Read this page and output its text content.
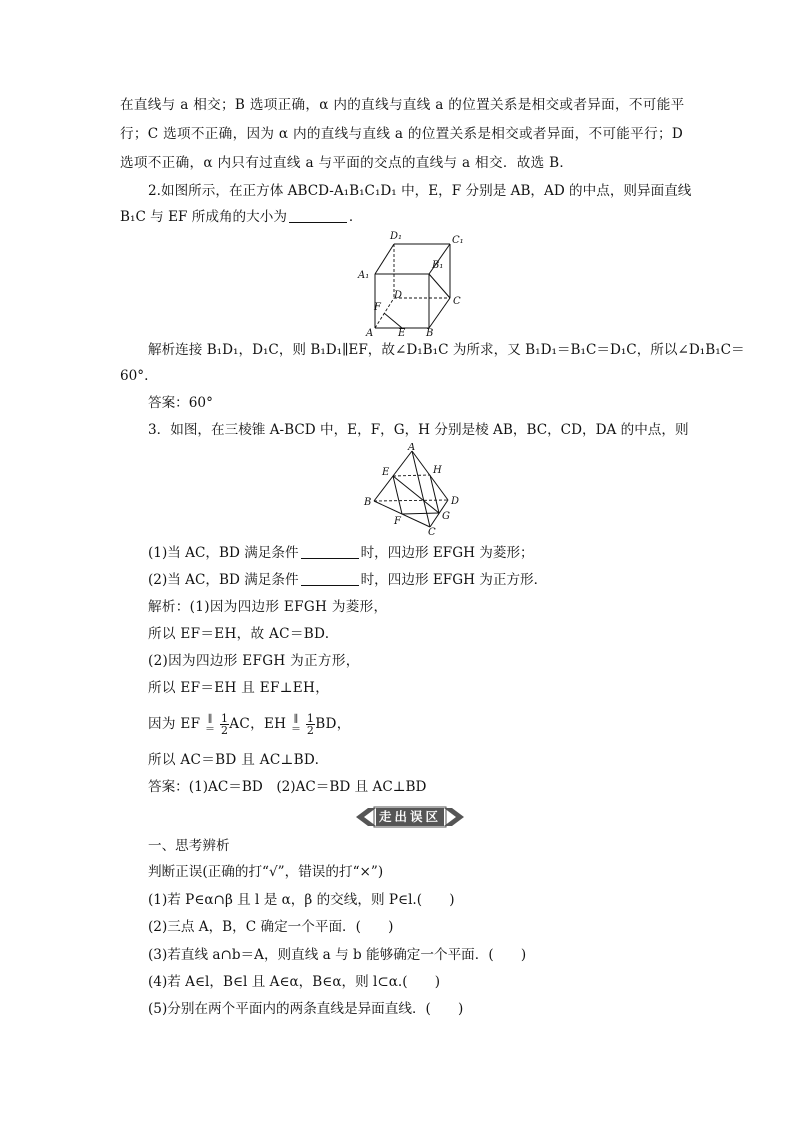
在直线与 a 相交；B 选项正确，α 内的直线与直线 a 的位置关系是相交或者异面，不可能平
行；C 选项不正确，因为 α 内的直线与直线 a 的位置关系是相交或者异面，不可能平行；D
选项不正确，α 内只有过直线 a 与平面的交点的直线与 a 相交．故选 B．
2.如图所示，在正方体 ABCD-A₁B₁C₁D₁ 中，E，F 分别是 AB，AD 的中点，则异面直线
B₁C 与 EF 所成角的大小为	．
A E B
C
D
F
A₁
B₁
C₁
D₁
解析连接 B₁D₁，D₁C，则 B₁D₁∥EF，故∠D₁B₁C 为所求，又 B₁D₁＝B₁C＝D₁C，所以∠D₁B₁C＝
60°.
答案：60°
3．如图，在三棱锥 A-BCD 中，E，F，G，H 分别是棱 AB，BC，CD，DA 的中点，则
A
B
C
D
E
F	G
H
(1)当 AC，BD 满足条件	时，四边形 EFGH 为菱形；
(2)当 AC，BD 满足条件	时，四边形 EFGH 为正方形．
解析：(1)因为四边形 EFGH 为菱形，
所以 EF＝EH，故 AC＝BD.
(2)因为四边形 EFGH 为正方形，
所以 EF＝EH 且 EF⊥EH，
因为 EF ∥
＝
$\frac{1}{2}$ AC，EH ∥
＝
$\frac{1}{2}$ BD，
所以 AC＝BD 且 AC⊥BD.
答案：(1)AC＝BD　(2)AC＝BD 且 AC⊥BD
走出误区
一、思考辨析
判断正误(正确的打“√”，错误的打“×”)
(1)若 P∈α∩β 且 l 是 α，β 的交线，则 P∈l.(　　)
(2)三点 A，B，C 确定一个平面．(　　)
(3)若直线 a∩b＝A，则直线 a 与 b 能够确定一个平面．(　　)
(4)若 A∈l，B∈l 且 A∈α，B∈α，则 l⊂α.(　　)
(5)分别在两个平面内的两条直线是异面直线．(　　)
